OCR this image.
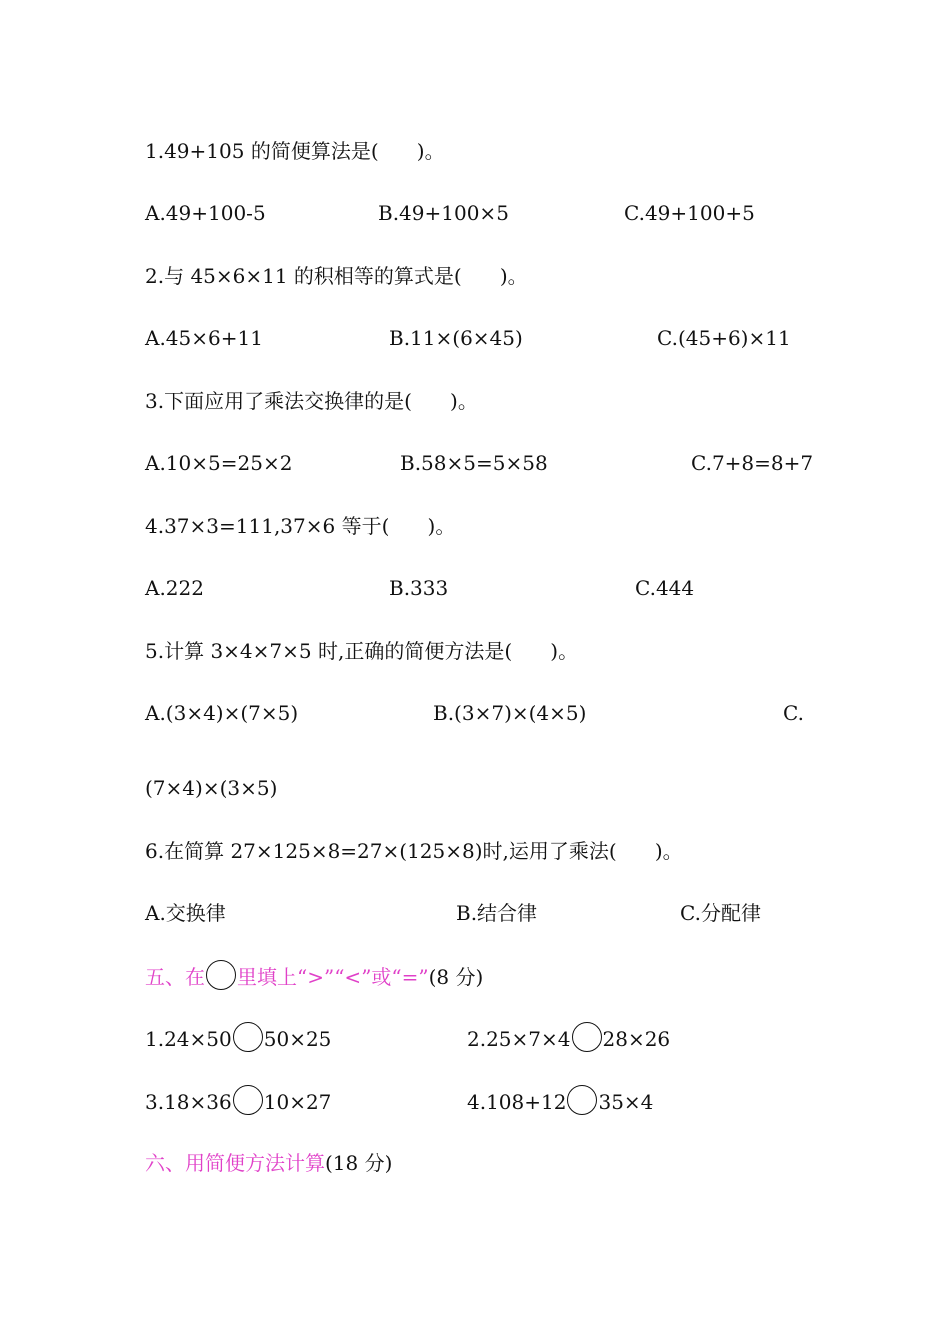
1.49+105 的简便算法是(      )。
A.49+100-5	B.49+100×5	C.49+100+5
2.与 45×6×11 的积相等的算式是(      )。
A.45×6+11	B.11×(6×45)	C.(45+6)×11
3.下面应用了乘法交换律的是(      )。
A.10×5=25×2	B.58×5=5×58	C.7+8=8+7
4.37×3=111,37×6 等于(      )。
A.222	B.333	C.444
5.计算 3×4×7×5 时,正确的简便方法是(      )。
A.(3×4)×(7×5)	B.(3×7)×(4×5)	C.
(7×4)×(3×5)
6.在简算 27×125×8=27×(125×8)时,运用了乘法(      )。
A.交换律	B.结合律	C.分配律
五、在 里填上“>”“<”或“=”(8 分)
1.24×50 50×25	2.25×7×4 28×26
3.18×36 10×27	4.108+12 35×4
六、用简便方法计算(18 分)
